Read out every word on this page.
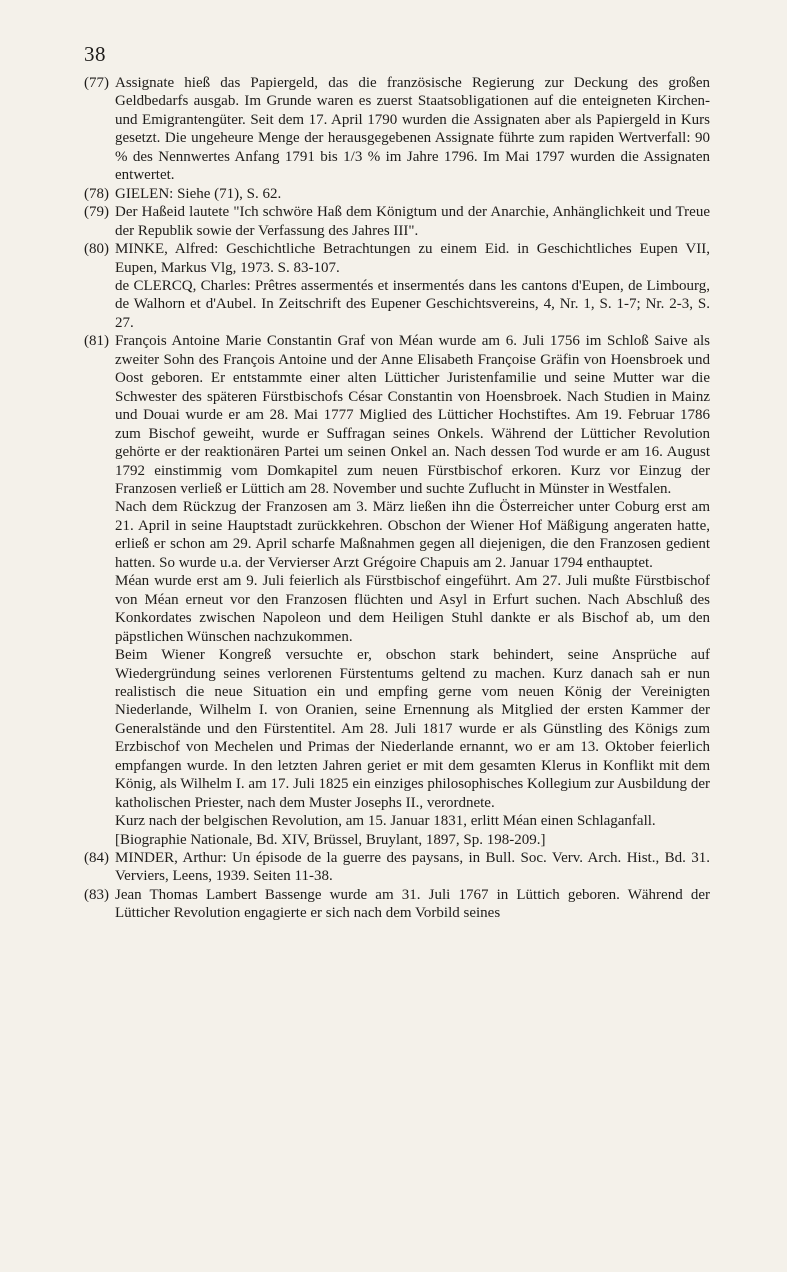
38
(77) Assignate hieß das Papiergeld, das die französische Regierung zur Deckung des großen Geldbedarfs ausgab. Im Grunde waren es zuerst Staatsobligationen auf die enteigneten Kirchen- und Emigrantengüter. Seit dem 17. April 1790 wurden die Assignaten aber als Papiergeld in Kurs gesetzt. Die ungeheure Menge der herausgegebenen Assignate führte zum rapiden Wertverfall: 90 % des Nennwertes Anfang 1791 bis 1/3 % im Jahre 1796. Im Mai 1797 wurden die Assignaten entwertet.

(78) GIELEN: Siehe (71), S. 62.

(79) Der Haßeid lautete "Ich schwöre Haß dem Königtum und der Anarchie, Anhänglichkeit und Treue der Republik sowie der Verfassung des Jahres III".

(80) MINKE, Alfred: Geschichtliche Betrachtungen zu einem Eid. in Geschichtliches Eupen VII, Eupen, Markus Vlg, 1973. S. 83-107.

de CLERCQ, Charles: Prêtres assermentés et insermentés dans les cantons d'Eupen, de Limbourg, de Walhorn et d'Aubel. In Zeitschrift des Eupener Geschichtsvereins, 4, Nr. 1, S. 1-7; Nr. 2-3, S. 27.

(81) François Antoine Marie Constantin Graf von Méan wurde am 6. Juli 1756 im Schloß Saive als zweiter Sohn des François Antoine und der Anne Elisabeth Françoise Gräfin von Hoensbroek und Oost geboren. Er entstammte einer alten Lütticher Juristenfamilie und seine Mutter war die Schwester des späteren Fürstbischofs César Constantin von Hoensbroek. Nach Studien in Mainz und Douai wurde er am 28. Mai 1777 Miglied des Lütticher Hochstiftes. Am 19. Februar 1786 zum Bischof geweiht, wurde er Suffragan seines Onkels. Während der Lütticher Revolution gehörte er der reaktionären Partei um seinen Onkel an. Nach dessen Tod wurde er am 16. August 1792 einstimmig vom Domkapitel zum neuen Fürstbischof erkoren. Kurz vor Einzug der Franzosen verließ er Lüttich am 28. November und suchte Zuflucht in Münster in Westfalen.

Nach dem Rückzug der Franzosen am 3. März ließen ihn die Österreicher unter Coburg erst am 21. April in seine Hauptstadt zurückkehren. Obschon der Wiener Hof Mäßigung angeraten hatte, erließ er schon am 29. April scharfe Maßnahmen gegen all diejenigen, die den Franzosen gedient hatten. So wurde u.a. der Vervierser Arzt Grégoire Chapuis am 2. Januar 1794 enthauptet.

Méan wurde erst am 9. Juli feierlich als Fürstbischof eingeführt. Am 27. Juli mußte Fürstbischof von Méan erneut vor den Franzosen flüchten und Asyl in Erfurt suchen. Nach Abschluß des Konkordates zwischen Napoleon und dem Heiligen Stuhl dankte er als Bischof ab, um den päpstlichen Wünschen nachzukommen.

Beim Wiener Kongreß versuchte er, obschon stark behindert, seine Ansprüche auf Wiedergründung seines verlorenen Fürstentums geltend zu machen. Kurz danach sah er nun realistisch die neue Situation ein und empfing gerne vom neuen König der Vereinigten Niederlande, Wilhelm I. von Oranien, seine Ernennung als Mitglied der ersten Kammer der Generalstände und den Fürstentitel. Am 28. Juli 1817 wurde er als Günstling des Königs zum Erzbischof von Mechelen und Primas der Niederlande ernannt, wo er am 13. Oktober feierlich empfangen wurde. In den letzten Jahren geriet er mit dem gesamten Klerus in Konflikt mit dem König, als Wilhelm I. am 17. Juli 1825 ein einziges philosophisches Kollegium zur Ausbildung der katholischen Priester, nach dem Muster Josephs II., verordnete.

Kurz nach der belgischen Revolution, am 15. Januar 1831, erlitt Méan einen Schlaganfall.

[Biographie Nationale, Bd. XIV, Brüssel, Bruylant, 1897, Sp. 198-209.]

(84) MINDER, Arthur: Un épisode de la guerre des paysans, in Bull. Soc. Verv. Arch. Hist., Bd. 31. Verviers, Leens, 1939. Seiten 11-38.

(83) Jean Thomas Lambert Bassenge wurde am 31. Juli 1767 in Lüttich geboren. Während der Lütticher Revolution engagierte er sich nach dem Vorbild seines
